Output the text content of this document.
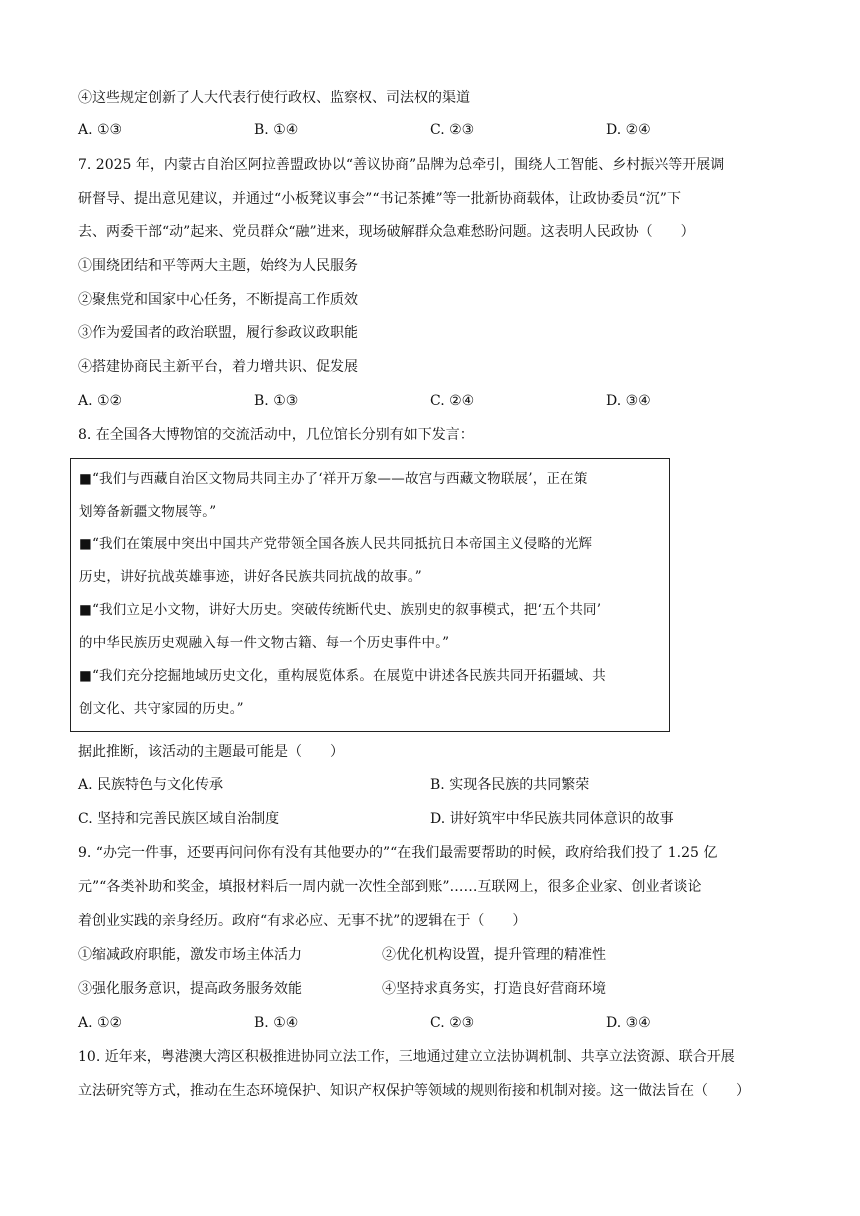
④这些规定创新了人大代表行使行政权、监察权、司法权的渠道
A. ①③	B. ①④	C. ②③	D. ②④
7. 2025 年，内蒙古自治区阿拉善盟政协以“善议协商”品牌为总牵引，围绕人工智能、乡村振兴等开展调
研督导、提出意见建议，并通过“小板凳议事会”“书记茶摊”等一批新协商载体，让政协委员“沉”下
去、两委干部“动”起来、党员群众“融”进来，现场破解群众急难愁盼问题。这表明人民政协（　　）
①围绕团结和平等两大主题，始终为人民服务
②聚焦党和国家中心任务，不断提高工作质效
③作为爱国者的政治联盟，履行参政议政职能
④搭建协商民主新平台，着力增共识、促发展
A. ①②	B. ①③	C. ②④	D. ③④
8. 在全国各大博物馆的交流活动中，几位馆长分别有如下发言：
■“我们与西藏自治区文物局共同主办了‘祥开万象——故宫与西藏文物联展’，正在策
划筹备新疆文物展等。”
■“我们在策展中突出中国共产党带领全国各族人民共同抵抗日本帝国主义侵略的光辉
历史，讲好抗战英雄事迹，讲好各民族共同抗战的故事。”
■“我们立足小文物，讲好大历史。突破传统断代史、族别史的叙事模式，把‘五个共同’
的中华民族历史观融入每一件文物古籍、每一个历史事件中。”
■“我们充分挖掘地域历史文化，重构展览体系。在展览中讲述各民族共同开拓疆域、共
创文化、共守家园的历史。”
据此推断，该活动的主题最可能是（　　）
A. 民族特色与文化传承	B. 实现各民族的共同繁荣
C. 坚持和完善民族区域自治制度	D. 讲好筑牢中华民族共同体意识的故事
9. “办完一件事，还要再问问你有没有其他要办的”“在我们最需要帮助的时候，政府给我们投了 1.25 亿
元”“各类补助和奖金，填报材料后一周内就一次性全部到账”……互联网上，很多企业家、创业者谈论
着创业实践的亲身经历。政府“有求必应、无事不扰”的逻辑在于（　　）
①缩减政府职能，激发市场主体活力	②优化机构设置，提升管理的精准性
③强化服务意识，提高政务服务效能	④坚持求真务实，打造良好营商环境
A. ①②	B. ①④	C. ②③	D. ③④
10. 近年来，粤港澳大湾区积极推进协同立法工作，三地通过建立立法协调机制、共享立法资源、联合开展
立法研究等方式，推动在生态环境保护、知识产权保护等领域的规则衔接和机制对接。这一做法旨在（　　）
